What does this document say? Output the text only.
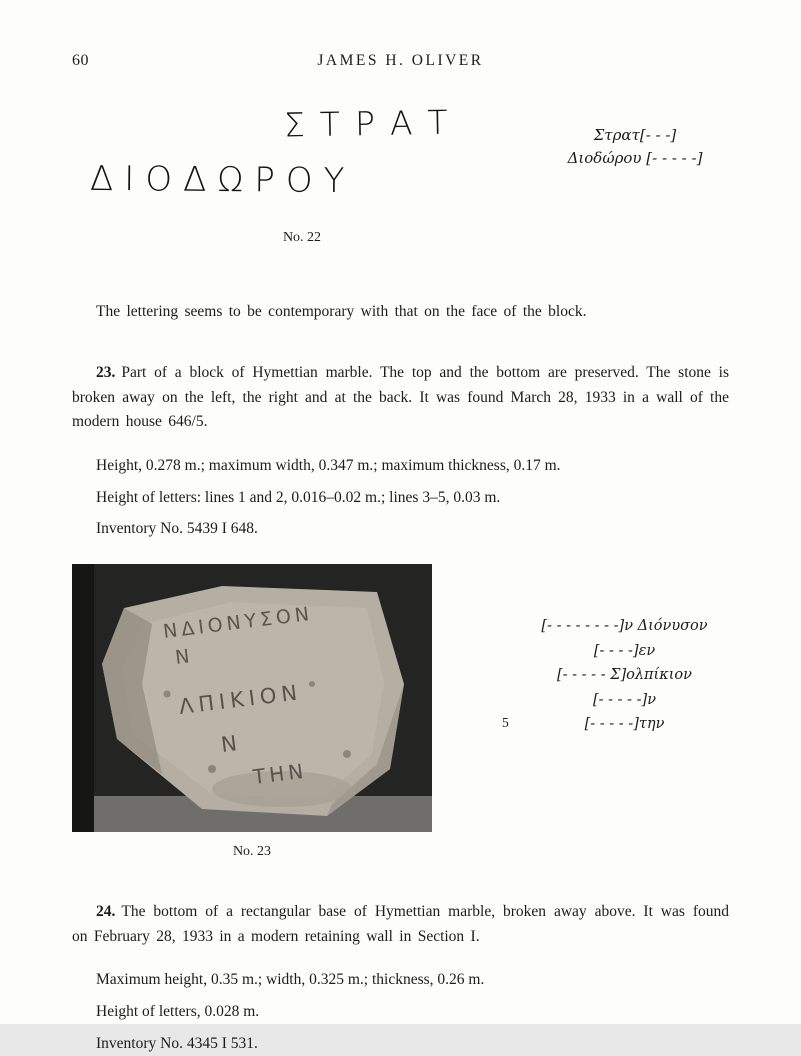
60	JAMES H. OLIVER
ΣΤΡΑΤ
ΔΙΟΔΩΡΟΥ
Στρατ[- - -]
Διοδώρου [- - - - -]
No. 22

The lettering seems to be contemporary with that on the face of the block.

23. Part of a block of Hymettian marble. The top and the bottom are preserved. The stone is broken away on the left, the right and at the back. It was found March 28, 1933 in a wall of the modern house 646/5.

Height, 0.278 m.; maximum width, 0.347 m.; maximum thickness, 0.17 m.

Height of letters: lines 1 and 2, 0.016–0.02 m.; lines 3–5, 0.03 m.

Inventory No. 5439 I 648.

ΝΔΙΟΝΥΣΟΝ
Ν
ΛΠΙΚΙΟΝ
Ν
ΤΗΝ
[- - - - - - - -]ν Διόνυσον
[- - - -]εν
[- - - - - Σ]ολπίκιον
[- - - - -]ν
5	[- - - - -]την
No. 23

24. The bottom of a rectangular base of Hymettian marble, broken away above. It was found on February 28, 1933 in a modern retaining wall in Section I.

Maximum height, 0.35 m.; width, 0.325 m.; thickness, 0.26 m.

Height of letters, 0.028 m.

Inventory No. 4345 I 531.
